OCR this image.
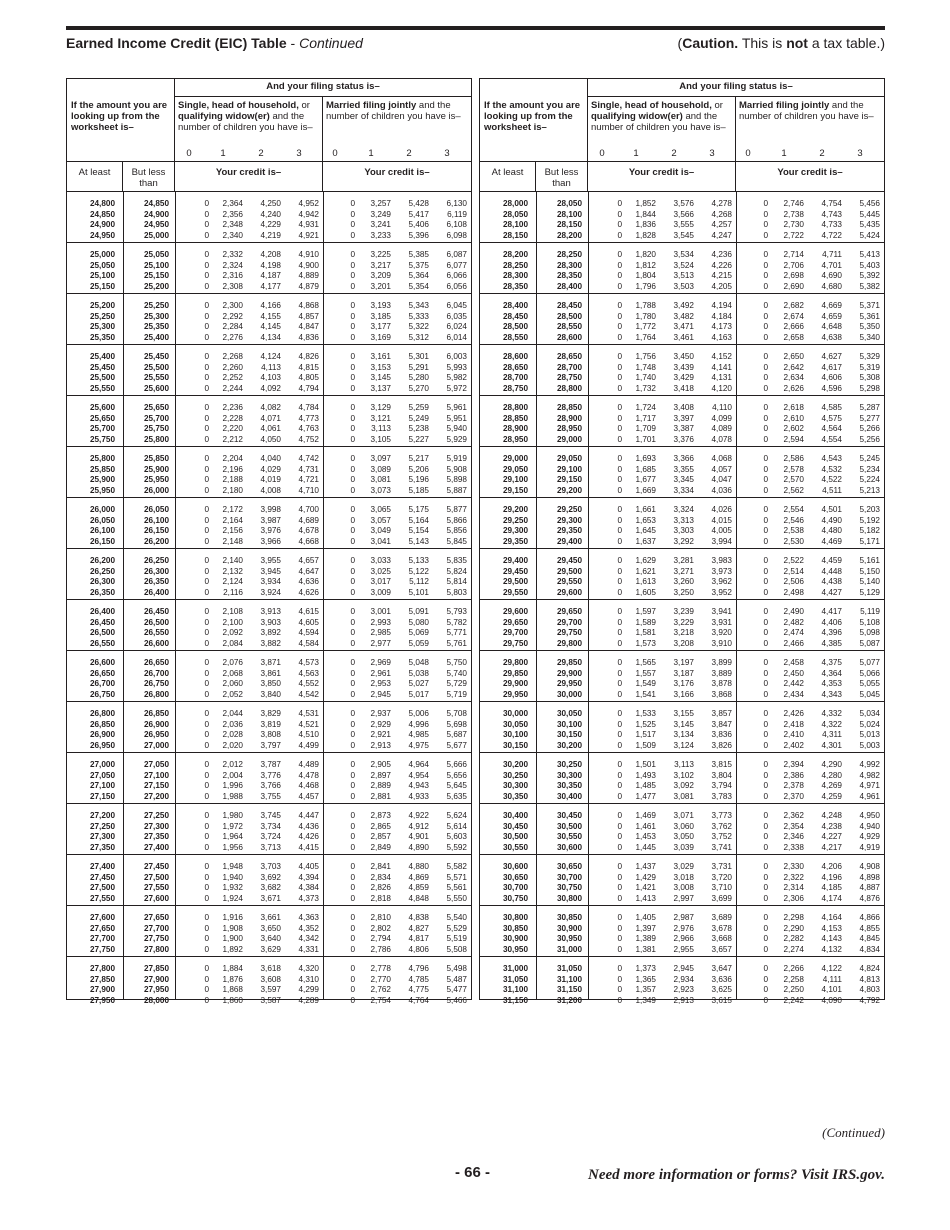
Earned Income Credit (EIC) Table - Continued	(Caution. This is not a tax table.)
And your filing status is–
If the amount you are looking up from the worksheet is–
Single, head of household, or qualifying widow(er) and the number of children you have is–
Married filing jointly and the number of children you have is–
0	1	2	3	0	1	2	3
At least	But less than
Your credit is–	Your credit is–
24,800	24,850	0	2,364	4,250	4,952	0	3,257	5,428	6,130
24,850	24,900	0	2,356	4,240	4,942	0	3,249	5,417	6,119
24,900	24,950	0	2,348	4,229	4,931	0	3,241	5,406	6,108
24,950	25,000	0	2,340	4,219	4,921	0	3,233	5,396	6,098
25,000	25,050	0	2,332	4,208	4,910	0	3,225	5,385	6,087
25,050	25,100	0	2,324	4,198	4,900	0	3,217	5,375	6,077
25,100	25,150	0	2,316	4,187	4,889	0	3,209	5,364	6,066
25,150	25,200	0	2,308	4,177	4,879	0	3,201	5,354	6,056
25,200	25,250	0	2,300	4,166	4,868	0	3,193	5,343	6,045
25,250	25,300	0	2,292	4,155	4,857	0	3,185	5,333	6,035
25,300	25,350	0	2,284	4,145	4,847	0	3,177	5,322	6,024
25,350	25,400	0	2,276	4,134	4,836	0	3,169	5,312	6,014
25,400	25,450	0	2,268	4,124	4,826	0	3,161	5,301	6,003
25,450	25,500	0	2,260	4,113	4,815	0	3,153	5,291	5,993
25,500	25,550	0	2,252	4,103	4,805	0	3,145	5,280	5,982
25,550	25,600	0	2,244	4,092	4,794	0	3,137	5,270	5,972
25,600	25,650	0	2,236	4,082	4,784	0	3,129	5,259	5,961
25,650	25,700	0	2,228	4,071	4,773	0	3,121	5,249	5,951
25,700	25,750	0	2,220	4,061	4,763	0	3,113	5,238	5,940
25,750	25,800	0	2,212	4,050	4,752	0	3,105	5,227	5,929
25,800	25,850	0	2,204	4,040	4,742	0	3,097	5,217	5,919
25,850	25,900	0	2,196	4,029	4,731	0	3,089	5,206	5,908
25,900	25,950	0	2,188	4,019	4,721	0	3,081	5,196	5,898
25,950	26,000	0	2,180	4,008	4,710	0	3,073	5,185	5,887
26,000	26,050	0	2,172	3,998	4,700	0	3,065	5,175	5,877
26,050	26,100	0	2,164	3,987	4,689	0	3,057	5,164	5,866
26,100	26,150	0	2,156	3,976	4,678	0	3,049	5,154	5,856
26,150	26,200	0	2,148	3,966	4,668	0	3,041	5,143	5,845
26,200	26,250	0	2,140	3,955	4,657	0	3,033	5,133	5,835
26,250	26,300	0	2,132	3,945	4,647	0	3,025	5,122	5,824
26,300	26,350	0	2,124	3,934	4,636	0	3,017	5,112	5,814
26,350	26,400	0	2,116	3,924	4,626	0	3,009	5,101	5,803
26,400	26,450	0	2,108	3,913	4,615	0	3,001	5,091	5,793
26,450	26,500	0	2,100	3,903	4,605	0	2,993	5,080	5,782
26,500	26,550	0	2,092	3,892	4,594	0	2,985	5,069	5,771
26,550	26,600	0	2,084	3,882	4,584	0	2,977	5,059	5,761
26,600	26,650	0	2,076	3,871	4,573	0	2,969	5,048	5,750
26,650	26,700	0	2,068	3,861	4,563	0	2,961	5,038	5,740
26,700	26,750	0	2,060	3,850	4,552	0	2,953	5,027	5,729
26,750	26,800	0	2,052	3,840	4,542	0	2,945	5,017	5,719
26,800	26,850	0	2,044	3,829	4,531	0	2,937	5,006	5,708
26,850	26,900	0	2,036	3,819	4,521	0	2,929	4,996	5,698
26,900	26,950	0	2,028	3,808	4,510	0	2,921	4,985	5,687
26,950	27,000	0	2,020	3,797	4,499	0	2,913	4,975	5,677
27,000	27,050	0	2,012	3,787	4,489	0	2,905	4,964	5,666
27,050	27,100	0	2,004	3,776	4,478	0	2,897	4,954	5,656
27,100	27,150	0	1,996	3,766	4,468	0	2,889	4,943	5,645
27,150	27,200	0	1,988	3,755	4,457	0	2,881	4,933	5,635
27,200	27,250	0	1,980	3,745	4,447	0	2,873	4,922	5,624
27,250	27,300	0	1,972	3,734	4,436	0	2,865	4,912	5,614
27,300	27,350	0	1,964	3,724	4,426	0	2,857	4,901	5,603
27,350	27,400	0	1,956	3,713	4,415	0	2,849	4,890	5,592
27,400	27,450	0	1,948	3,703	4,405	0	2,841	4,880	5,582
27,450	27,500	0	1,940	3,692	4,394	0	2,834	4,869	5,571
27,500	27,550	0	1,932	3,682	4,384	0	2,826	4,859	5,561
27,550	27,600	0	1,924	3,671	4,373	0	2,818	4,848	5,550
27,600	27,650	0	1,916	3,661	4,363	0	2,810	4,838	5,540
27,650	27,700	0	1,908	3,650	4,352	0	2,802	4,827	5,529
27,700	27,750	0	1,900	3,640	4,342	0	2,794	4,817	5,519
27,750	27,800	0	1,892	3,629	4,331	0	2,786	4,806	5,508
27,800	27,850	0	1,884	3,618	4,320	0	2,778	4,796	5,498
27,850	27,900	0	1,876	3,608	4,310	0	2,770	4,785	5,487
27,900	27,950	0	1,868	3,597	4,299	0	2,762	4,775	5,477
27,950	28,000	0	1,860	3,587	4,289	0	2,754	4,764	5,466
And your filing status is–
If the amount you are looking up from the worksheet is–
Single, head of household, or qualifying widow(er) and the number of children you have is–
Married filing jointly and the number of children you have is–
0	1	2	3	0	1	2	3
At least	But less than
Your credit is–	Your credit is–
28,000	28,050	0	1,852	3,576	4,278	0	2,746	4,754	5,456
28,050	28,100	0	1,844	3,566	4,268	0	2,738	4,743	5,445
28,100	28,150	0	1,836	3,555	4,257	0	2,730	4,733	5,435
28,150	28,200	0	1,828	3,545	4,247	0	2,722	4,722	5,424
28,200	28,250	0	1,820	3,534	4,236	0	2,714	4,711	5,413
28,250	28,300	0	1,812	3,524	4,226	0	2,706	4,701	5,403
28,300	28,350	0	1,804	3,513	4,215	0	2,698	4,690	5,392
28,350	28,400	0	1,796	3,503	4,205	0	2,690	4,680	5,382
28,400	28,450	0	1,788	3,492	4,194	0	2,682	4,669	5,371
28,450	28,500	0	1,780	3,482	4,184	0	2,674	4,659	5,361
28,500	28,550	0	1,772	3,471	4,173	0	2,666	4,648	5,350
28,550	28,600	0	1,764	3,461	4,163	0	2,658	4,638	5,340
28,600	28,650	0	1,756	3,450	4,152	0	2,650	4,627	5,329
28,650	28,700	0	1,748	3,439	4,141	0	2,642	4,617	5,319
28,700	28,750	0	1,740	3,429	4,131	0	2,634	4,606	5,308
28,750	28,800	0	1,732	3,418	4,120	0	2,626	4,596	5,298
28,800	28,850	0	1,724	3,408	4,110	0	2,618	4,585	5,287
28,850	28,900	0	1,717	3,397	4,099	0	2,610	4,575	5,277
28,900	28,950	0	1,709	3,387	4,089	0	2,602	4,564	5,266
28,950	29,000	0	1,701	3,376	4,078	0	2,594	4,554	5,256
29,000	29,050	0	1,693	3,366	4,068	0	2,586	4,543	5,245
29,050	29,100	0	1,685	3,355	4,057	0	2,578	4,532	5,234
29,100	29,150	0	1,677	3,345	4,047	0	2,570	4,522	5,224
29,150	29,200	0	1,669	3,334	4,036	0	2,562	4,511	5,213
29,200	29,250	0	1,661	3,324	4,026	0	2,554	4,501	5,203
29,250	29,300	0	1,653	3,313	4,015	0	2,546	4,490	5,192
29,300	29,350	0	1,645	3,303	4,005	0	2,538	4,480	5,182
29,350	29,400	0	1,637	3,292	3,994	0	2,530	4,469	5,171
29,400	29,450	0	1,629	3,281	3,983	0	2,522	4,459	5,161
29,450	29,500	0	1,621	3,271	3,973	0	2,514	4,448	5,150
29,500	29,550	0	1,613	3,260	3,962	0	2,506	4,438	5,140
29,550	29,600	0	1,605	3,250	3,952	0	2,498	4,427	5,129
29,600	29,650	0	1,597	3,239	3,941	0	2,490	4,417	5,119
29,650	29,700	0	1,589	3,229	3,931	0	2,482	4,406	5,108
29,700	29,750	0	1,581	3,218	3,920	0	2,474	4,396	5,098
29,750	29,800	0	1,573	3,208	3,910	0	2,466	4,385	5,087
29,800	29,850	0	1,565	3,197	3,899	0	2,458	4,375	5,077
29,850	29,900	0	1,557	3,187	3,889	0	2,450	4,364	5,066
29,900	29,950	0	1,549	3,176	3,878	0	2,442	4,353	5,055
29,950	30,000	0	1,541	3,166	3,868	0	2,434	4,343	5,045
30,000	30,050	0	1,533	3,155	3,857	0	2,426	4,332	5,034
30,050	30,100	0	1,525	3,145	3,847	0	2,418	4,322	5,024
30,100	30,150	0	1,517	3,134	3,836	0	2,410	4,311	5,013
30,150	30,200	0	1,509	3,124	3,826	0	2,402	4,301	5,003
30,200	30,250	0	1,501	3,113	3,815	0	2,394	4,290	4,992
30,250	30,300	0	1,493	3,102	3,804	0	2,386	4,280	4,982
30,300	30,350	0	1,485	3,092	3,794	0	2,378	4,269	4,971
30,350	30,400	0	1,477	3,081	3,783	0	2,370	4,259	4,961
30,400	30,450	0	1,469	3,071	3,773	0	2,362	4,248	4,950
30,450	30,500	0	1,461	3,060	3,762	0	2,354	4,238	4,940
30,500	30,550	0	1,453	3,050	3,752	0	2,346	4,227	4,929
30,550	30,600	0	1,445	3,039	3,741	0	2,338	4,217	4,919
30,600	30,650	0	1,437	3,029	3,731	0	2,330	4,206	4,908
30,650	30,700	0	1,429	3,018	3,720	0	2,322	4,196	4,898
30,700	30,750	0	1,421	3,008	3,710	0	2,314	4,185	4,887
30,750	30,800	0	1,413	2,997	3,699	0	2,306	4,174	4,876
30,800	30,850	0	1,405	2,987	3,689	0	2,298	4,164	4,866
30,850	30,900	0	1,397	2,976	3,678	0	2,290	4,153	4,855
30,900	30,950	0	1,389	2,966	3,668	0	2,282	4,143	4,845
30,950	31,000	0	1,381	2,955	3,657	0	2,274	4,132	4,834
31,000	31,050	0	1,373	2,945	3,647	0	2,266	4,122	4,824
31,050	31,100	0	1,365	2,934	3,636	0	2,258	4,111	4,813
31,100	31,150	0	1,357	2,923	3,625	0	2,250	4,101	4,803
31,150	31,200	0	1,349	2,913	3,615	0	2,242	4,090	4,792
(Continued)
- 66 -	Need more information or forms? Visit IRS.gov.
